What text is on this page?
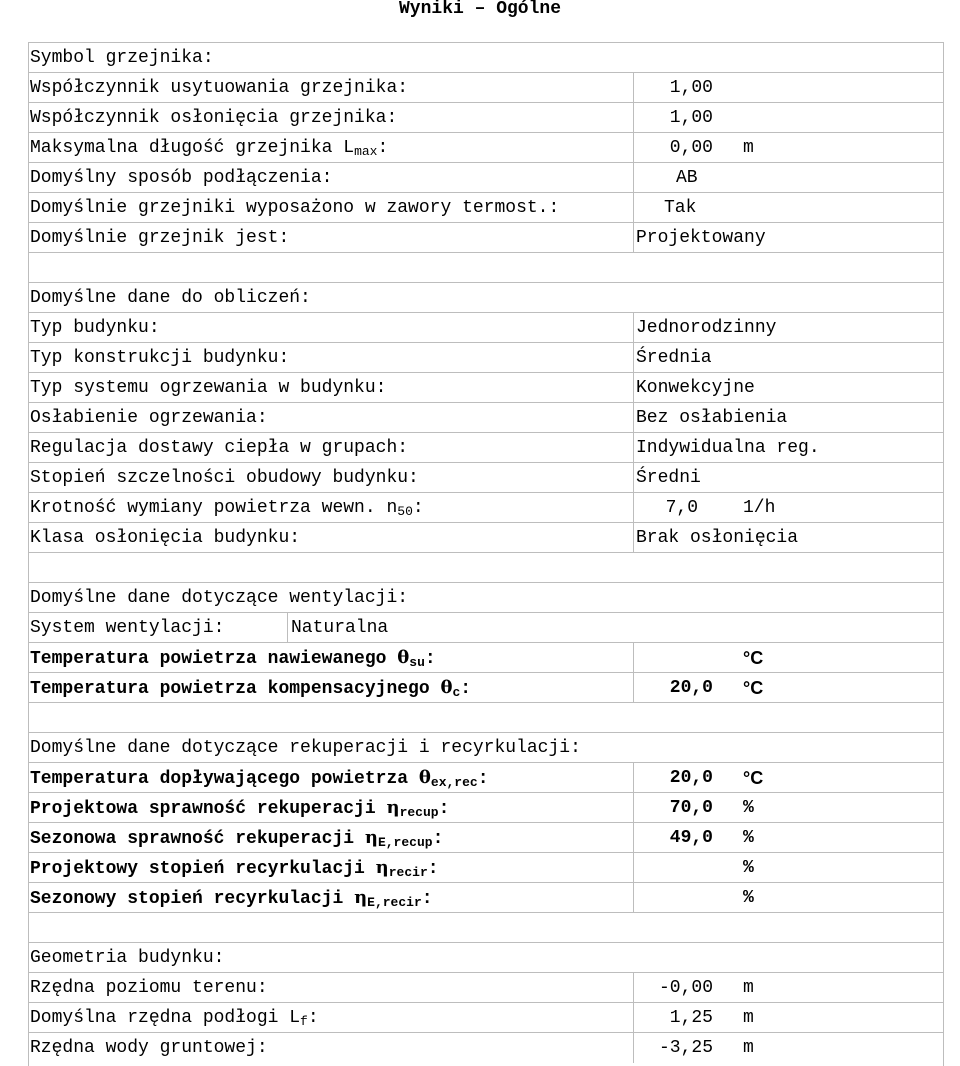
Wyniki – Ogólne
Symbol grzejnika:
Współczynnik usytuowania grzejnika:	1,00
Współczynnik osłonięcia grzejnika:	1,00
Maksymalna długość grzejnika $L_{max}$:	0,00 m
Domyślny sposób podłączenia:	AB
Domyślnie grzejniki wyposażono w zawory termost.:	Tak
Domyślnie grzejnik jest:	Projektowany
Domyślne dane do obliczeń:
Typ budynku:	Jednorodzinny
Typ konstrukcji budynku:	Średnia
Typ systemu ogrzewania w budynku:	Konwekcyjne
Osłabienie ogrzewania:	Bez osłabienia
Regulacja dostawy ciepła w grupach:	Indywidualna reg.
Stopień szczelności obudowy budynku:	Średni
Krotność wymiany powietrza wewn. $n_{50}$:	7,0	1/h
Klasa osłonięcia budynku:	Brak osłonięcia
Domyślne dane dotyczące wentylacji:
System wentylacji:	Naturalna
Temperatura powietrza nawiewanego $\theta_{su}$:	°C
Temperatura powietrza kompensacyjnego $\theta_c$:	20,0 °C
Domyślne dane dotyczące rekuperacji i recyrkulacji:
Temperatura dopływającego powietrza $\theta_{ex,rec}$:	20,0 °C
Projektowa sprawność rekuperacji $\eta_{recup}$:	70,0 %
Sezonowa sprawność rekuperacji $\eta_{E,recup}$:	49,0 %
Projektowy stopień recyrkulacji $\eta_{recir}$:	%
Sezonowy stopień recyrkulacji $\eta_{E,recir}$:	%
Geometria budynku:
Rzędna poziomu terenu:	-0,00 m
Domyślna rzędna podłogi $L_f$:	1,25 m
Rzędna wody gruntowej:	-3,25 m
